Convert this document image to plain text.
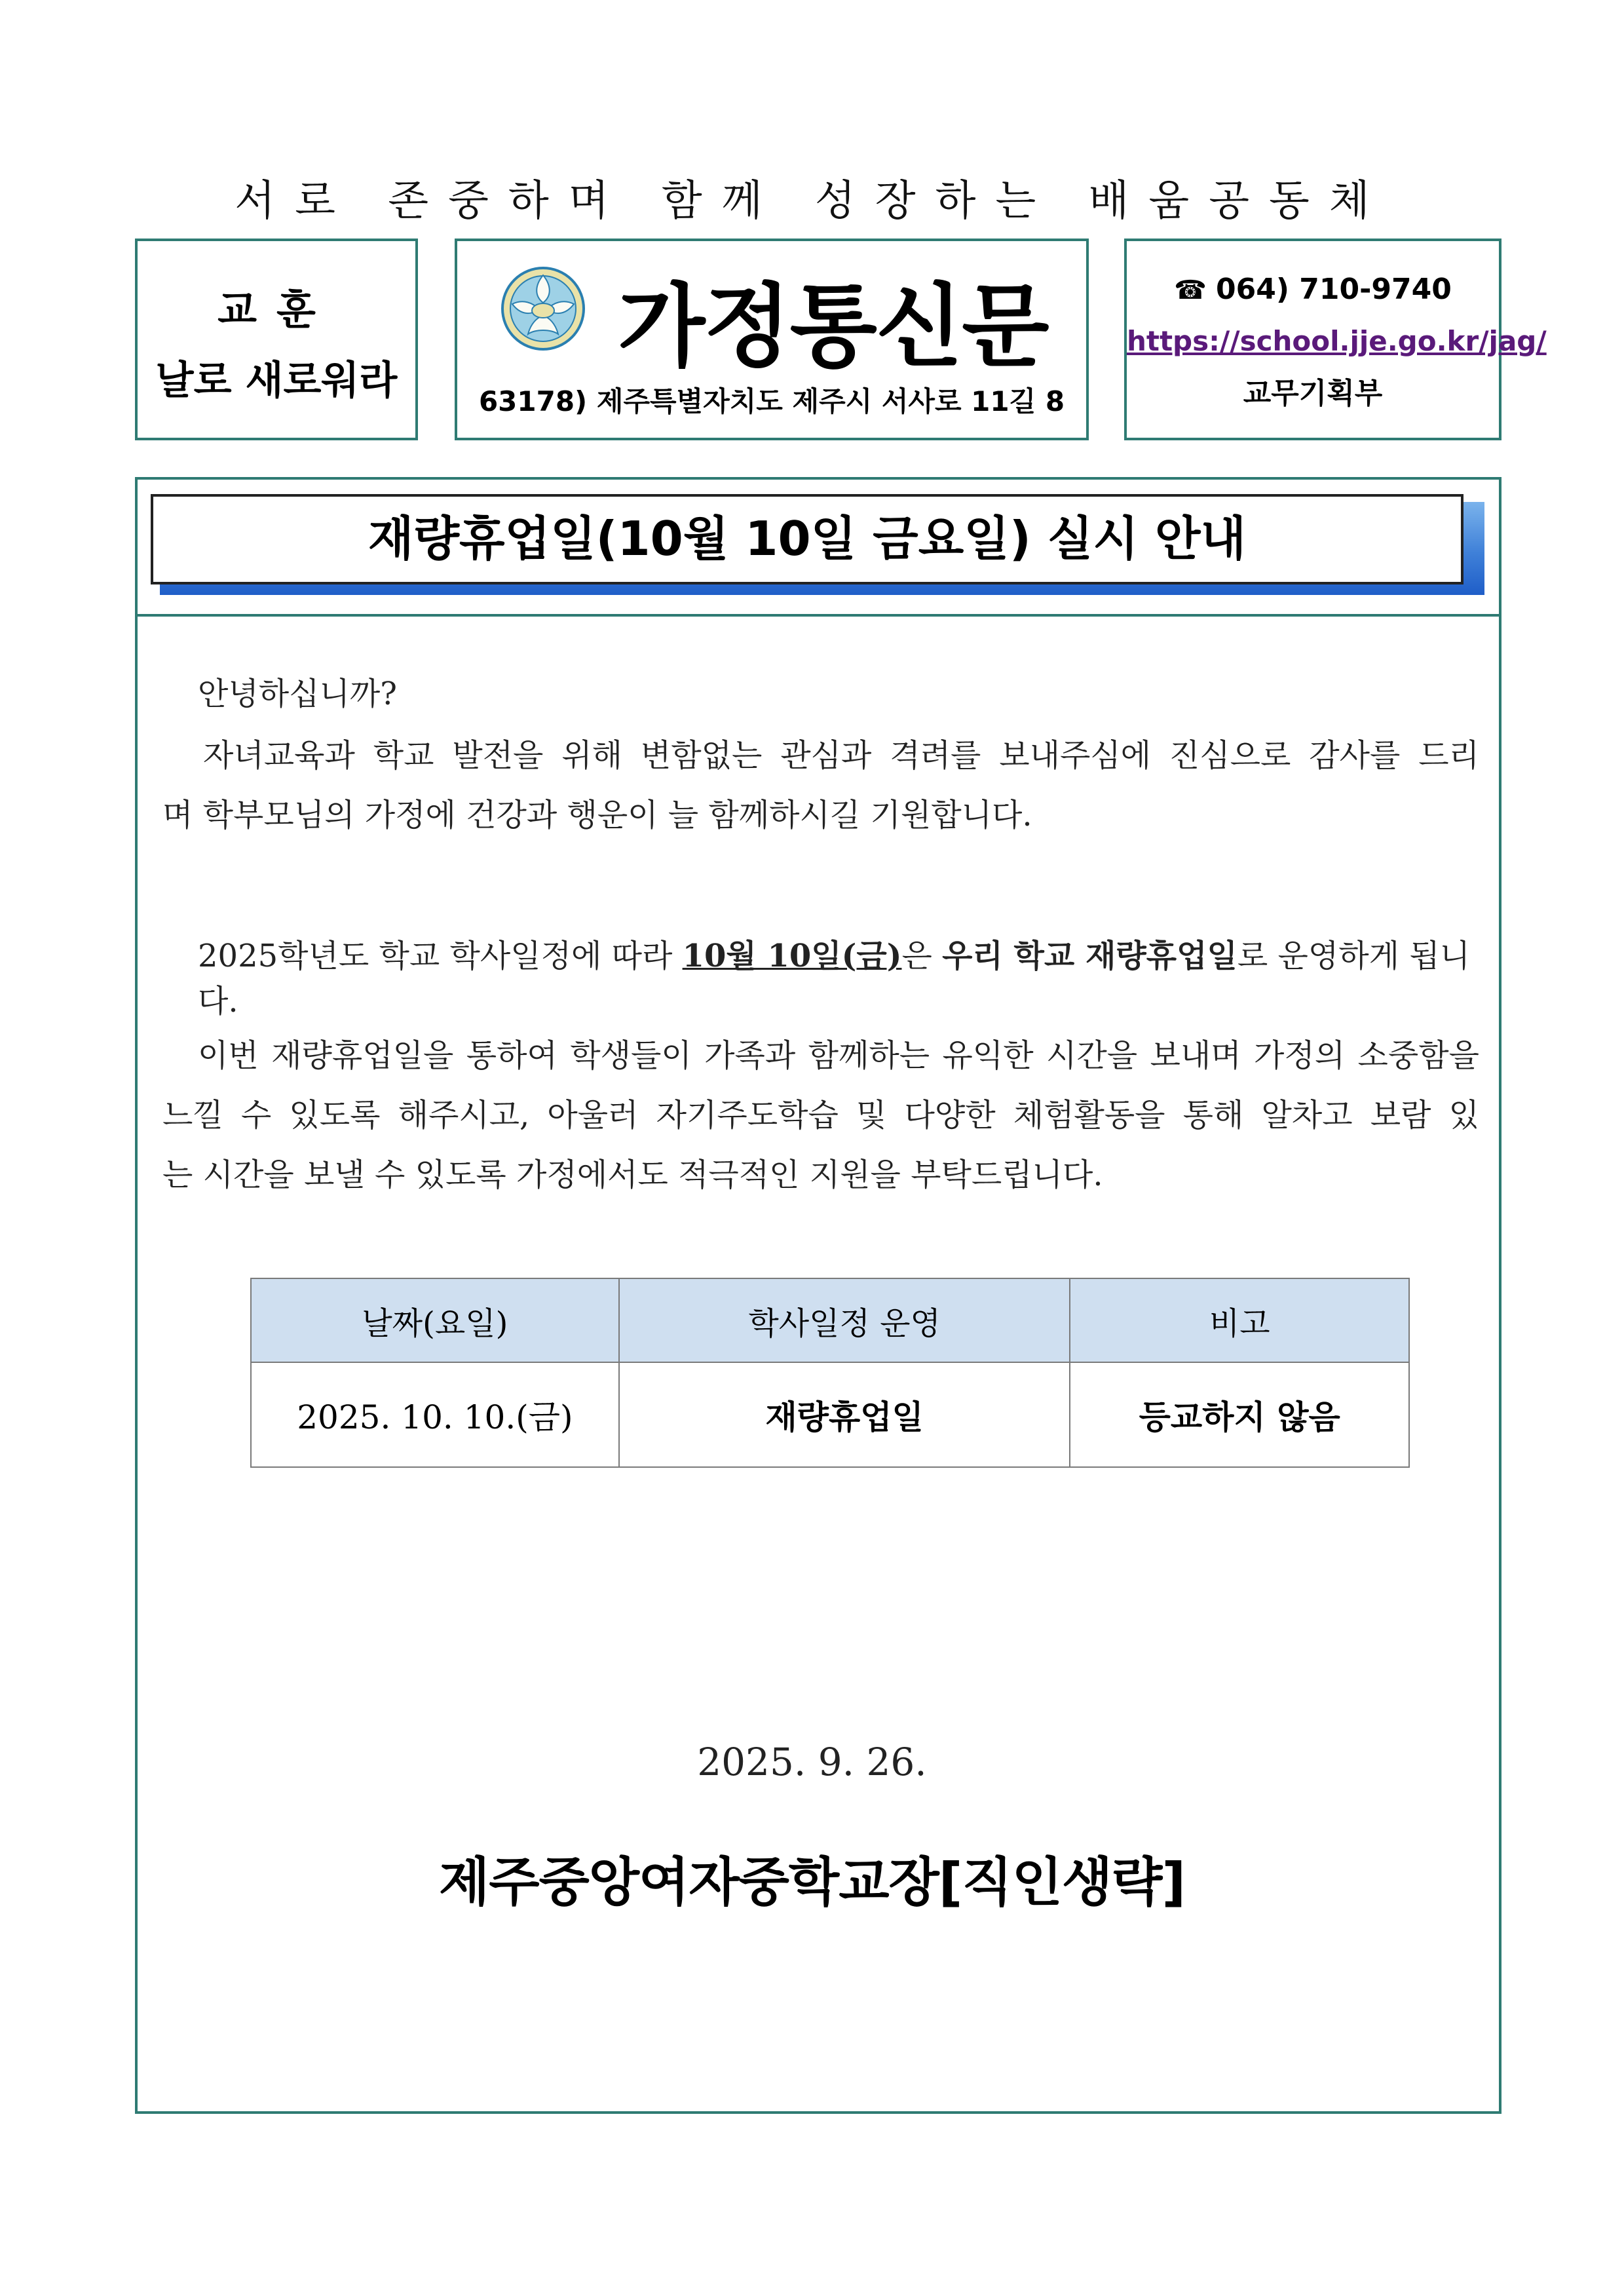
서로 존중하며 함께 성장하는 배움공동체
교훈
날로 새로워라
가정통신문
63178) 제주특별자치도 제주시 서사로 11길 8
☎ 064) 710-9740
https://school.jje.go.kr/jag/
교무기획부
재량휴업일(10월 10일 금요일) 실시 안내
안녕하십니까?

자녀교육과 학교 발전을 위해 변함없는 관심과 격려를 보내주심에 진심으로 감사를 드리

며 학부모님의 가정에 건강과 행운이 늘 함께하시길 기원합니다.

2025학년도 학교 학사일정에 따라 10월 10일(금)은 우리 학교 재량휴업일로 운영하게 됩니다.

이번 재량휴업일을 통하여 학생들이 가족과 함께하는 유익한 시간을 보내며 가정의 소중함을

느낄 수 있도록 해주시고, 아울러 자기주도학습 및 다양한 체험활동을 통해 알차고 보람 있

는 시간을 보낼 수 있도록 가정에서도 적극적인 지원을 부탁드립니다.

날짜(요일)	학사일정 운영	비고
2025. 10. 10.(금)	재량휴업일	등교하지 않음
2025. 9. 26.
제주중앙여자중학교장[직인생략]
